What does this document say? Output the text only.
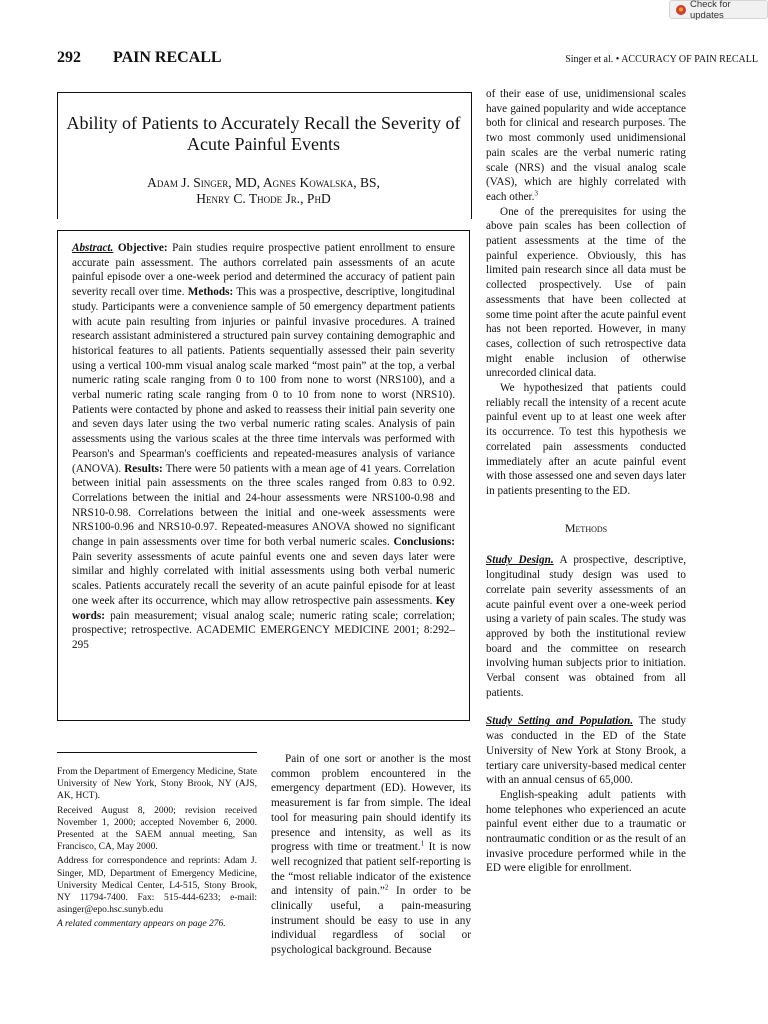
Check for updates
292 PAIN RECALL	Singer et al. • ACCURACY OF PAIN RECALL
Ability of Patients to Accurately Recall the Severity of Acute Painful Events
Adam J. Singer, MD, Agnes Kowalska, BS,
Henry C. Thode Jr., PhD

Abstract. Objective: Pain studies require prospective patient enrollment to ensure accurate pain assessment. The authors correlated pain assessments of an acute painful episode over a one-week period and determined the accuracy of patient pain severity recall over time. Methods: This was a prospective, descriptive, longitudinal study. Participants were a convenience sample of 50 emergency department patients with acute pain resulting from injuries or painful invasive procedures. A trained research assistant administered a structured pain survey containing demographic and historical features to all patients. Patients sequentially assessed their pain severity using a vertical 100-mm visual analog scale marked “most pain” at the top, a verbal numeric rating scale ranging from 0 to 100 from none to worst (NRS100), and a verbal numeric rating scale ranging from 0 to 10 from none to worst (NRS10). Patients were contacted by phone and asked to reassess their initial pain severity one and seven days later using the two verbal numeric rating scales. Analysis of pain assessments using the various scales at the three time intervals was performed with Pearson's and Spearman's coefficients and repeated-measures analysis of variance (ANOVA). Results: There were 50 patients with a mean age of 41 years. Correlation between initial pain assessments on the three scales ranged from 0.83 to 0.92. Correlations between the initial and 24-hour assessments were NRS100-0.98 and NRS10-0.98. Correlations between the initial and one-week assessments were NRS100-0.96 and NRS10-0.97. Repeated-measures ANOVA showed no significant change in pain assessments over time for both verbal numeric scales. Conclusions: Pain severity assessments of acute painful events one and seven days later were similar and highly correlated with initial assessments using both verbal numeric scales. Patients accurately recall the severity of an acute painful episode for at least one week after its occurrence, which may allow retrospective pain assessments. Key words: pain measurement; visual analog scale; numeric rating scale; correlation; prospective; retrospective. ACADEMIC EMERGENCY MEDICINE 2001; 8:292–295

From the Department of Emergency Medicine, State University of New York, Stony Brook, NY (AJS, AK, HCT).

Received August 8, 2000; revision received November 1, 2000; accepted November 6, 2000. Presented at the SAEM annual meeting, San Francisco, CA, May 2000.

Address for correspondence and reprints: Adam J. Singer, MD, Department of Emergency Medicine, University Medical Center, L4-515, Stony Brook, NY 11794-7400. Fax: 515-444-6233; e-mail: asinger@epo.hsc.sunyb.edu

A related commentary appears on page 276.

Pain of one sort or another is the most common problem encountered in the emergency department (ED). However, its measurement is far from simple. The ideal tool for measuring pain should identify its presence and intensity, as well as its progress with time or treatment.$^1$ It is now well recognized that patient self-reporting is the “most reliable indicator of the existence and intensity of pain.”$^2$ In order to be clinically useful, a pain-measuring instrument should be easy to use in any individual regardless of social or psychological background. Because

of their ease of use, unidimensional scales have gained popularity and wide acceptance both for clinical and research purposes. The two most commonly used unidimensional pain scales are the verbal numeric rating scale (NRS) and the visual analog scale (VAS), which are highly correlated with each other.$^3$

One of the prerequisites for using the above pain scales has been collection of patient assessments at the time of the painful experience. Obviously, this has limited pain research since all data must be collected prospectively. Use of pain assessments that have been collected at some time point after the acute painful event has not been reported. However, in many cases, collection of such retrospective data might enable inclusion of otherwise unrecorded clinical data.

We hypothesized that patients could reliably recall the intensity of a recent acute painful event up to at least one week after its occurrence. To test this hypothesis we correlated pain assessments conducted immediately after an acute painful event with those assessed one and seven days later in patients presenting to the ED.

Methods

Study Design. A prospective, descriptive, longitudinal study design was used to correlate pain severity assessments of an acute painful event over a one-week period using a variety of pain scales. The study was approved by both the institutional review board and the committee on research involving human subjects prior to initiation. Verbal consent was obtained from all patients.

Study Setting and Population. The study was conducted in the ED of the State University of New York at Stony Brook, a tertiary care university-based medical center with an annual census of 65,000.

English-speaking adult patients with home telephones who experienced an acute painful event either due to a traumatic or nontraumatic condition or as the result of an invasive procedure performed while in the ED were eligible for enrollment.
